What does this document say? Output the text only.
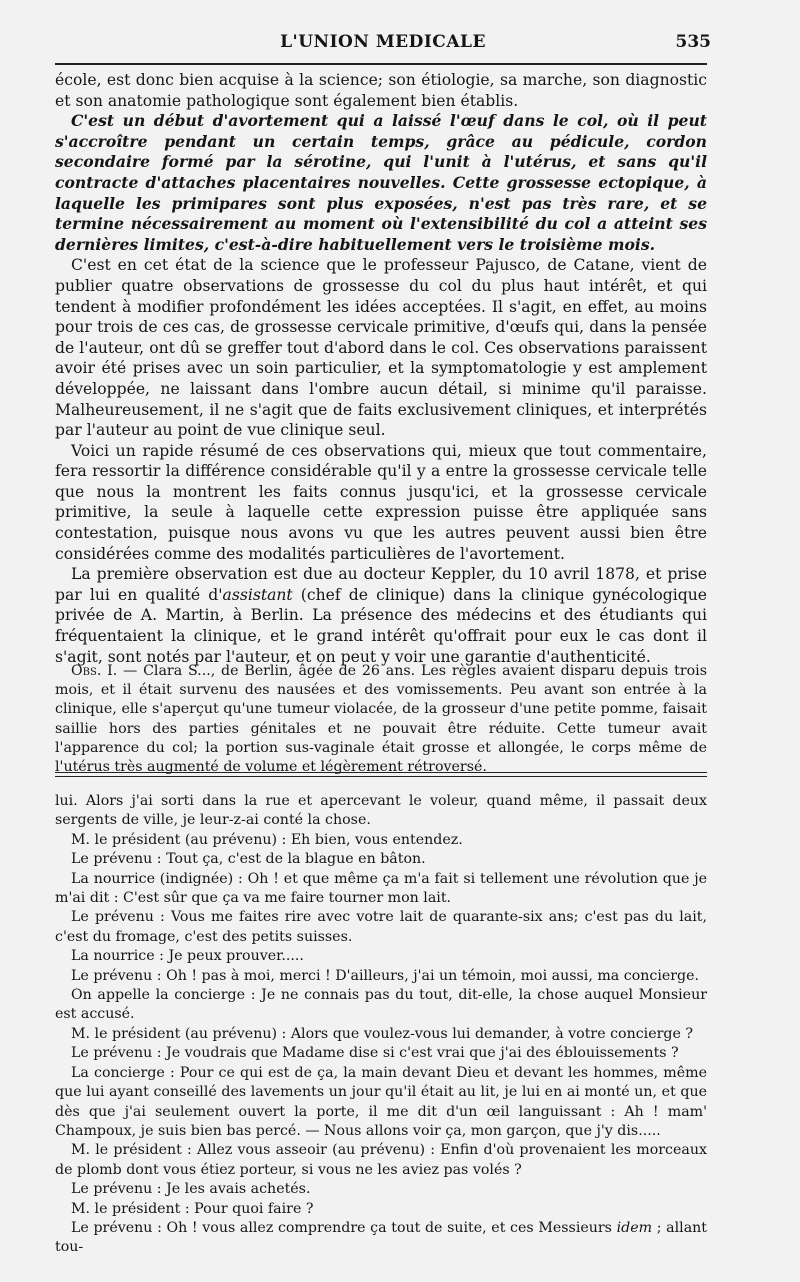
L'UNION MEDICALE	535

école, est donc bien acquise à la science; son étiologie, sa marche, son diagnostic et son anatomie pathologique sont également bien établis.

C'est un début d'avortement qui a laissé l'œuf dans le col, où il peut s'accroître pendant un certain temps, grâce au pédicule, cordon secondaire formé par la sérotine, qui l'unit à l'utérus, et sans qu'il contracte d'attaches placentaires nouvelles. Cette grossesse ectopique, à laquelle les primipares sont plus exposées, n'est pas très rare, et se termine nécessairement au moment où l'extensibilité du col a atteint ses dernières limites, c'est-à-dire habituellement vers le troisième mois.

C'est en cet état de la science que le professeur Pajusco, de Catane, vient de publier quatre observations de grossesse du col du plus haut intérêt, et qui tendent à modifier profondément les idées acceptées. Il s'agit, en effet, au moins pour trois de ces cas, de grossesse cervicale primitive, d'œufs qui, dans la pensée de l'auteur, ont dû se greffer tout d'abord dans le col. Ces observations paraissent avoir été prises avec un soin particulier, et la symptomatologie y est amplement développée, ne laissant dans l'ombre aucun détail, si minime qu'il paraisse. Malheureusement, il ne s'agit que de faits exclusivement cliniques, et interprétés par l'auteur au point de vue clinique seul.

Voici un rapide résumé de ces observations qui, mieux que tout commentaire, fera ressortir la différence considérable qu'il y a entre la grossesse cervicale telle que nous la montrent les faits connus jusqu'ici, et la grossesse cervicale primitive, la seule à laquelle cette expression puisse être appliquée sans contestation, puisque nous avons vu que les autres peuvent aussi bien être considérées comme des modalités particulières de l'avortement.

La première observation est due au docteur Keppler, du 10 avril 1878, et prise par lui en qualité d'assistant (chef de clinique) dans la clinique gynécologique privée de A. Martin, à Berlin. La présence des médecins et des étudiants qui fréquentaient la clinique, et le grand intérêt qu'offrait pour eux le cas dont il s'agit, sont notés par l'auteur, et on peut y voir une garantie d'authenticité.

Obs. I. — Clara S..., de Berlin, âgée de 26 ans. Les règles avaient disparu depuis trois mois, et il était survenu des nausées et des vomissements. Peu avant son entrée à la clinique, elle s'aperçut qu'une tumeur violacée, de la grosseur d'une petite pomme, faisait saillie hors des parties génitales et ne pouvait être réduite. Cette tumeur avait l'apparence du col; la portion sus-vaginale était grosse et allongée, le corps même de l'utérus très augmenté de volume et légèrement rétroversé.

lui. Alors j'ai sorti dans la rue et apercevant le voleur, quand même, il passait deux sergents de ville, je leur-z-ai conté la chose.

M. le président (au prévenu) : Eh bien, vous entendez.

Le prévenu : Tout ça, c'est de la blague en bâton.

La nourrice (indignée) : Oh ! et que même ça m'a fait si tellement une révolution que je m'ai dit : C'est sûr que ça va me faire tourner mon lait.

Le prévenu : Vous me faites rire avec votre lait de quarante-six ans; c'est pas du lait, c'est du fromage, c'est des petits suisses.

La nourrice : Je peux prouver.....

Le prévenu : Oh ! pas à moi, merci ! D'ailleurs, j'ai un témoin, moi aussi, ma concierge.

On appelle la concierge : Je ne connais pas du tout, dit-elle, la chose auquel Monsieur est accusé.

M. le président (au prévenu) : Alors que voulez-vous lui demander, à votre concierge ?

Le prévenu : Je voudrais que Madame dise si c'est vrai que j'ai des éblouissements ?

La concierge : Pour ce qui est de ça, la main devant Dieu et devant les hommes, même que lui ayant conseillé des lavements un jour qu'il était au lit, je lui en ai monté un, et que dès que j'ai seulement ouvert la porte, il me dit d'un œil languissant : Ah ! mam' Champoux, je suis bien bas percé. — Nous allons voir ça, mon garçon, que j'y dis.....

M. le président : Allez vous asseoir (au prévenu) : Enfin d'où provenaient les morceaux de plomb dont vous étiez porteur, si vous ne les aviez pas volés ?

Le prévenu : Je les avais achetés.

M. le président : Pour quoi faire ?

Le prévenu : Oh ! vous allez comprendre ça tout de suite, et ces Messieurs idem ; allant tou-
